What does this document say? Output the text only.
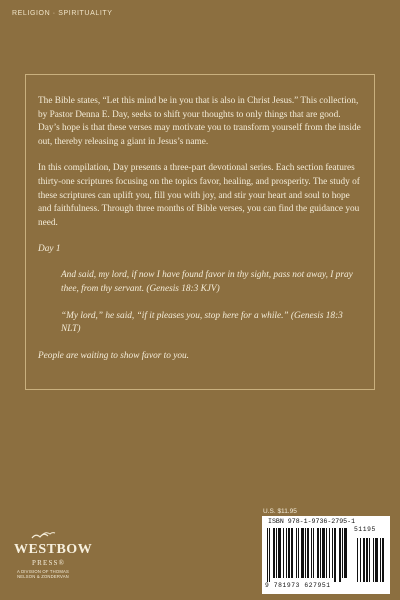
RELIGION · SPIRITUALITY

The Bible states, “Let this mind be in you that is also in Christ Jesus.” This collection, by Pastor Denna E. Day, seeks to shift your thoughts to only things that are good. Day’s hope is that these verses may motivate you to transform yourself from the inside out, thereby releasing a giant in Jesus’s name.

In this compilation, Day presents a three-part devotional series. Each section features thirty-one scriptures focusing on the topics favor, healing, and prosperity. The study of these scriptures can uplift you, fill you with joy, and stir your heart and soul to hope and faithfulness. Through three months of Bible verses, you can find the guidance you need.

Day 1

And said, my lord, if now I have found favor in thy sight, pass not away, I pray thee, from thy servant. (Genesis 18:3 KJV)

“My lord,” he said, “if it pleases you, stop here for a while.” (Genesis 18:3 NLT)

People are waiting to show favor to you.

WESTBOW
PRESS®
A DIVISION OF THOMAS NELSON & ZONDERVAN
U.S. $11.95
ISBN 978-1-9736-2795-1
9 781973 627951
51195
